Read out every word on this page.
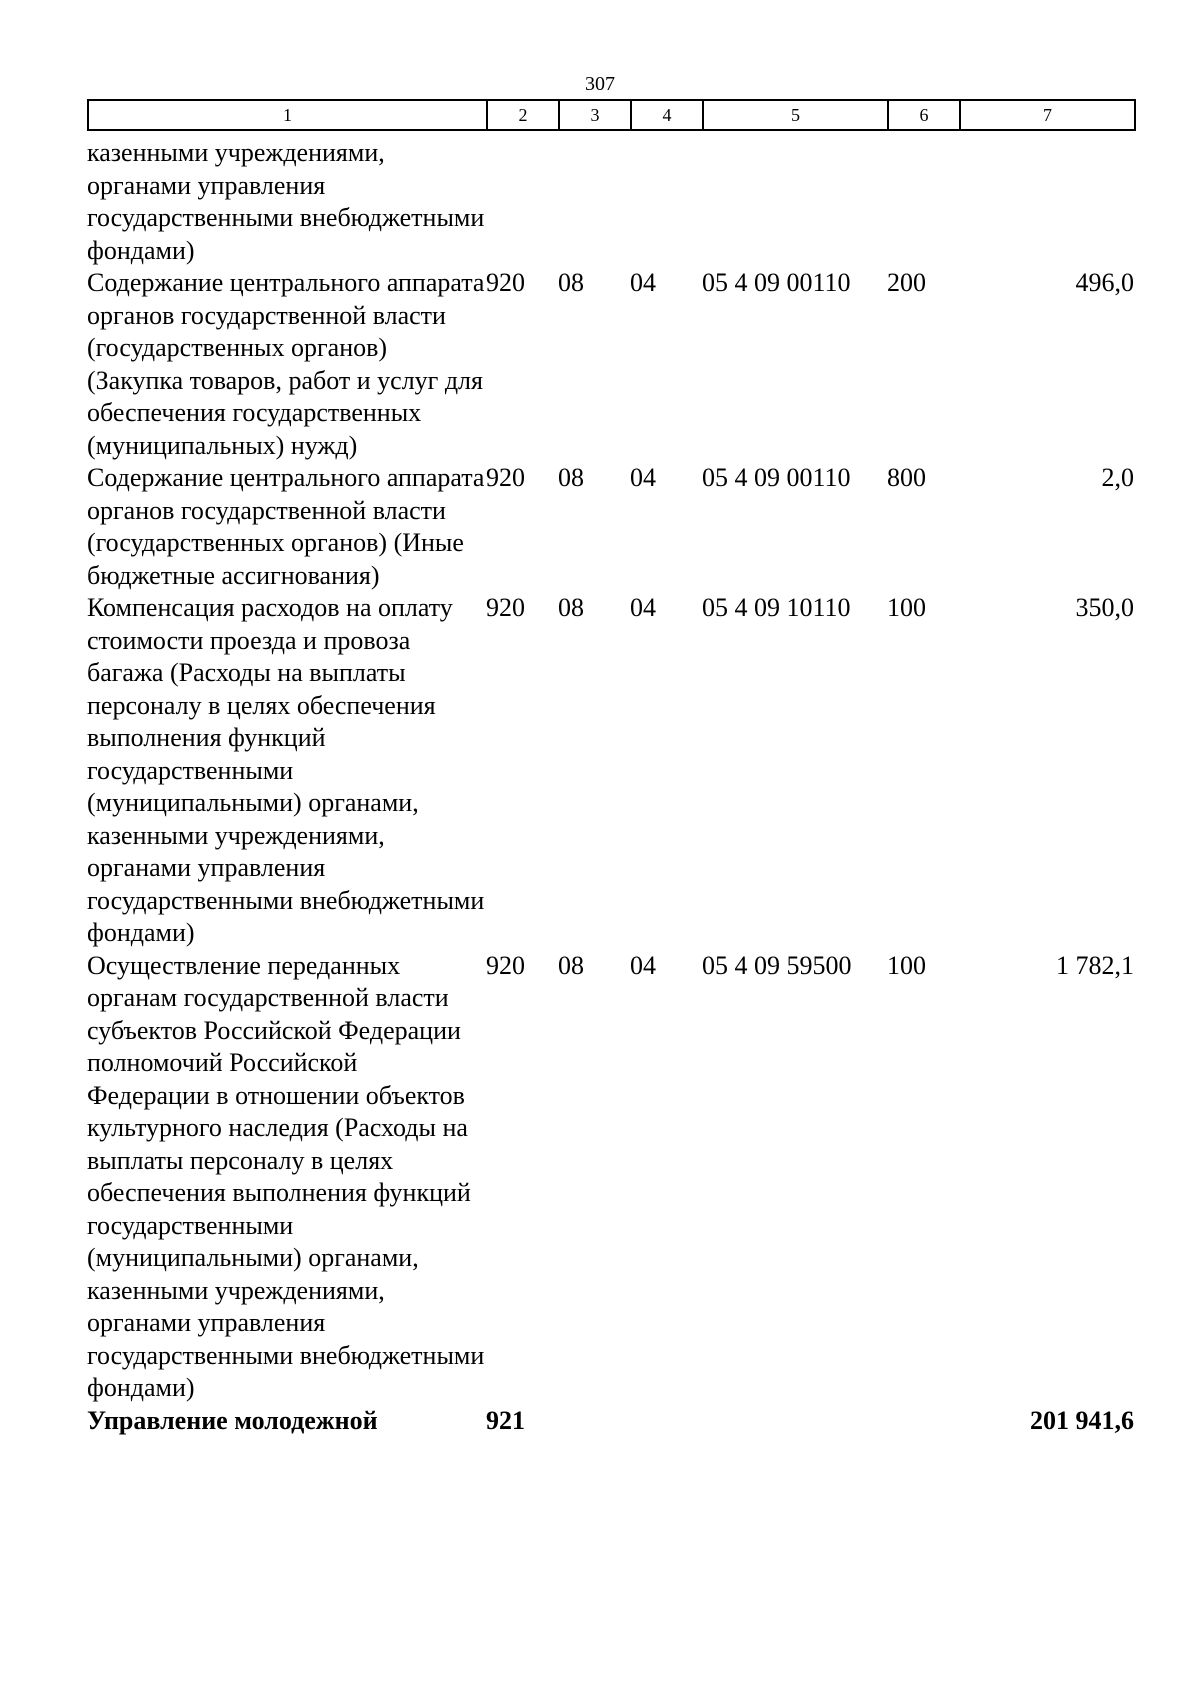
307
1	2	3	4	5	6	7
казенными учреждениями, органами управления государственными внебюджетными фондами)						
Содержание центрального аппарата органов государственной власти (государственных органов) (Закупка товаров, работ и услуг для обеспечения государственных (муниципальных) нужд)	920	08	04	05 4 09 00110	200	496,0
Содержание центрального аппарата органов государственной власти (государственных органов) (Иные бюджетные ассигнования)	920	08	04	05 4 09 00110	800	2,0
Компенсация расходов на оплату стоимости проезда и провоза багажа (Расходы на выплаты персоналу в целях обеспечения выполнения функций государственными (муниципальными) органами, казенными учреждениями, органами управления государственными внебюджетными фондами)	920	08	04	05 4 09 10110	100	350,0
Осуществление переданных органам государственной власти субъектов Российской Федерации полномочий Российской Федерации в отношении объектов культурного наследия (Расходы на выплаты персоналу в целях обеспечения выполнения функций государственными (муниципальными) органами, казенными учреждениями, органами управления государственными внебюджетными фондами)	920	08	04	05 4 09 59500	100	1 782,1
Управление молодежной	921					201 941,6
